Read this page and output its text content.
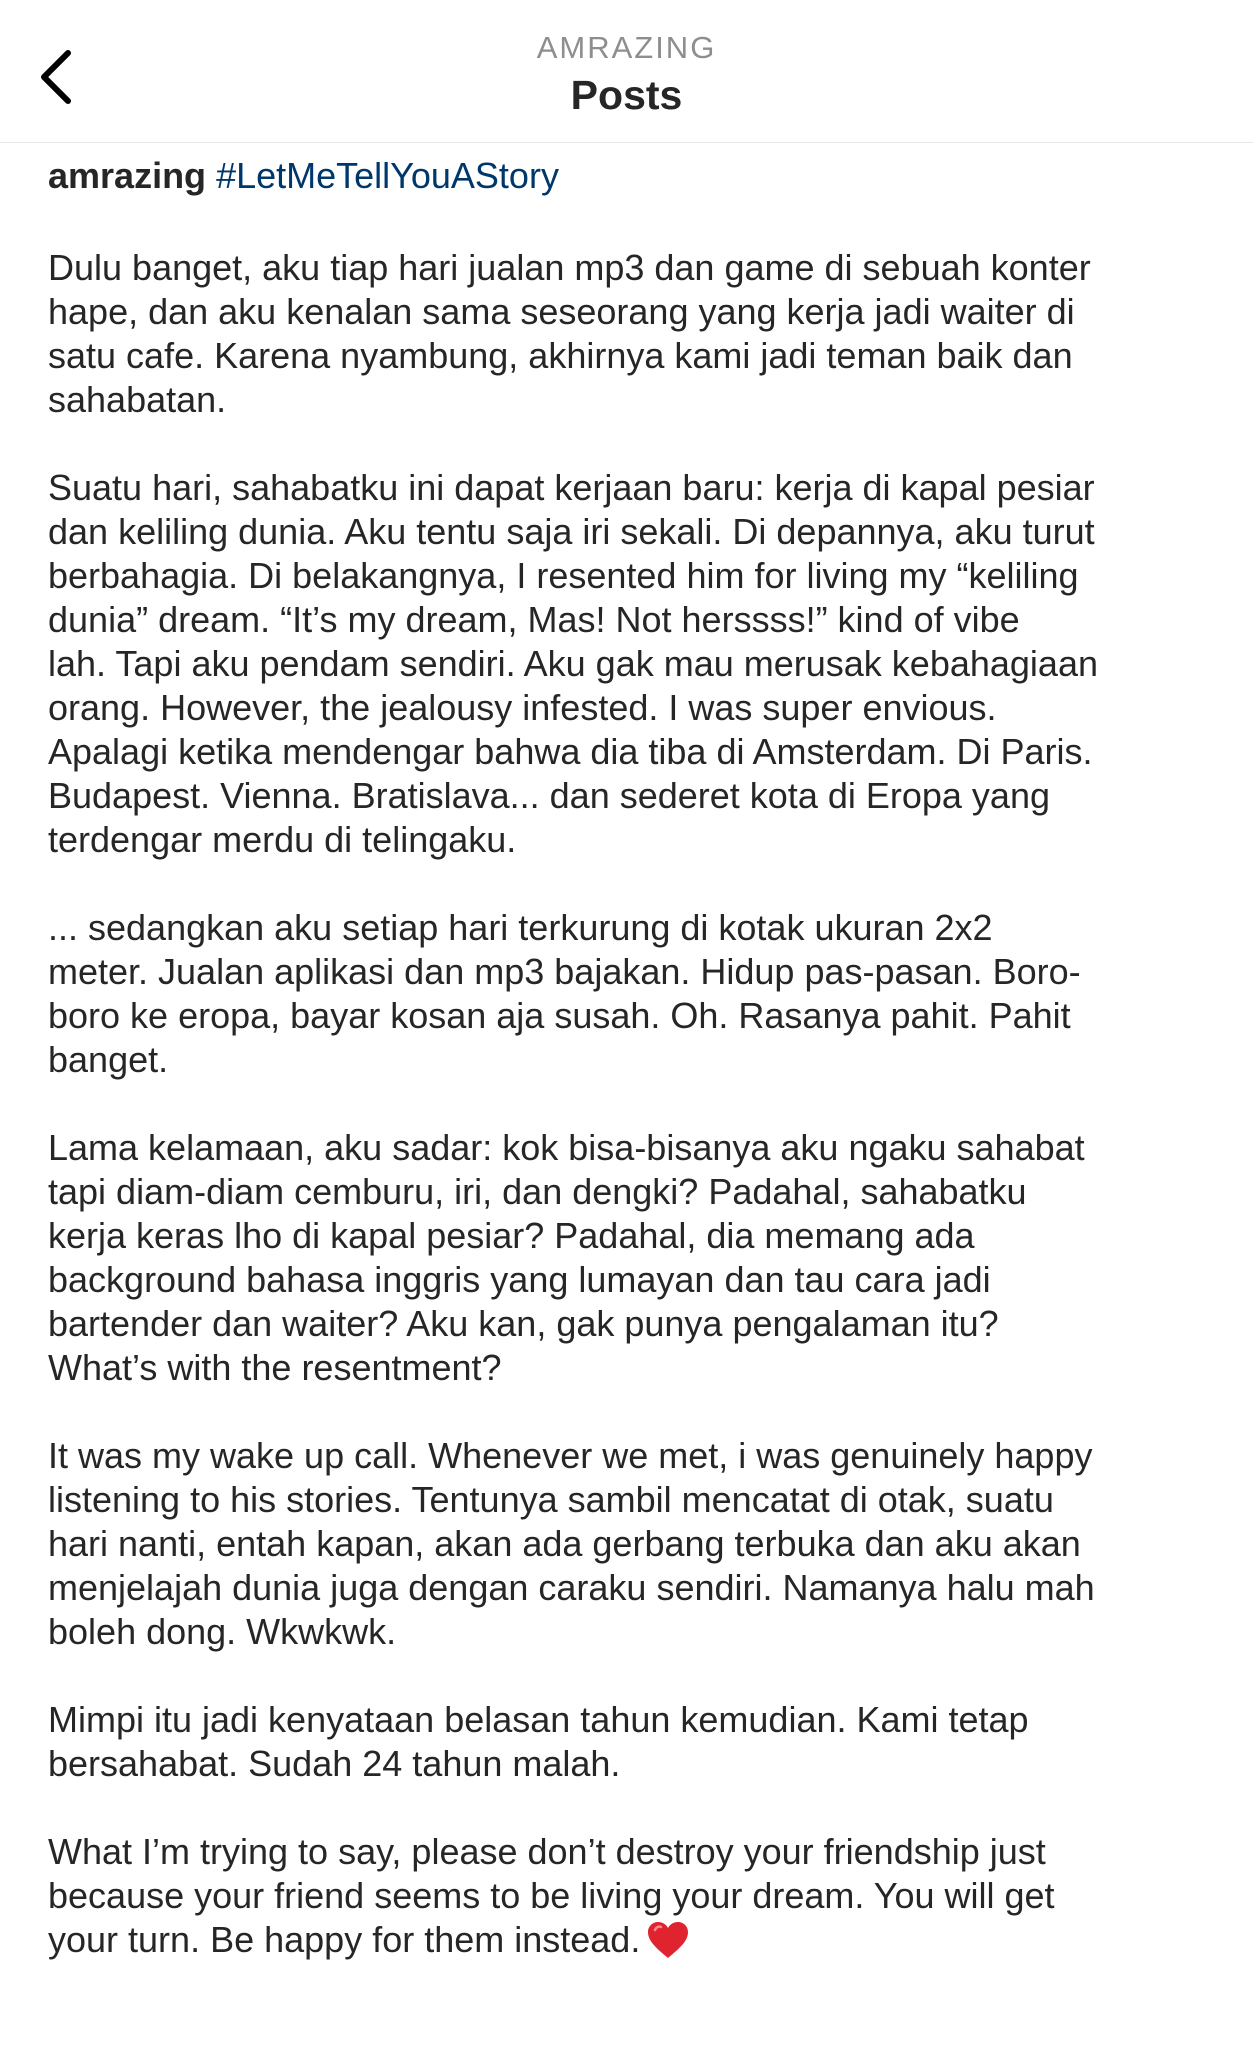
AMRAZING
Posts
amrazing #LetMeTellYouAStory

Dulu banget, aku tiap hari jualan mp3 dan game di sebuah konter
hape, dan aku kenalan sama seseorang yang kerja jadi waiter di
satu cafe. Karena nyambung, akhirnya kami jadi teman baik dan
sahabatan.

Suatu hari, sahabatku ini dapat kerjaan baru: kerja di kapal pesiar
dan keliling dunia. Aku tentu saja iri sekali. Di depannya, aku turut
berbahagia. Di belakangnya, I resented him for living my “keliling
dunia” dream. “It’s my dream, Mas! Not herssss!” kind of vibe
lah. Tapi aku pendam sendiri. Aku gak mau merusak kebahagiaan
orang. However, the jealousy infested. I was super envious.
Apalagi ketika mendengar bahwa dia tiba di Amsterdam. Di Paris.
Budapest. Vienna. Bratislava... dan sederet kota di Eropa yang
terdengar merdu di telingaku.

... sedangkan aku setiap hari terkurung di kotak ukuran 2x2
meter. Jualan aplikasi dan mp3 bajakan. Hidup pas-pasan. Boro-
boro ke eropa, bayar kosan aja susah. Oh. Rasanya pahit. Pahit
banget.

Lama kelamaan, aku sadar: kok bisa-bisanya aku ngaku sahabat
tapi diam-diam cemburu, iri, dan dengki? Padahal, sahabatku
kerja keras lho di kapal pesiar? Padahal, dia memang ada
background bahasa inggris yang lumayan dan tau cara jadi
bartender dan waiter? Aku kan, gak punya pengalaman itu?
What’s with the resentment?

It was my wake up call. Whenever we met, i was genuinely happy
listening to his stories. Tentunya sambil mencatat di otak, suatu
hari nanti, entah kapan, akan ada gerbang terbuka dan aku akan
menjelajah dunia juga dengan caraku sendiri. Namanya halu mah
boleh dong. Wkwkwk.

Mimpi itu jadi kenyataan belasan tahun kemudian. Kami tetap
bersahabat. Sudah 24 tahun malah.

What I’m trying to say, please don’t destroy your friendship just
because your friend seems to be living your dream. You will get
your turn. Be happy for them instead.
